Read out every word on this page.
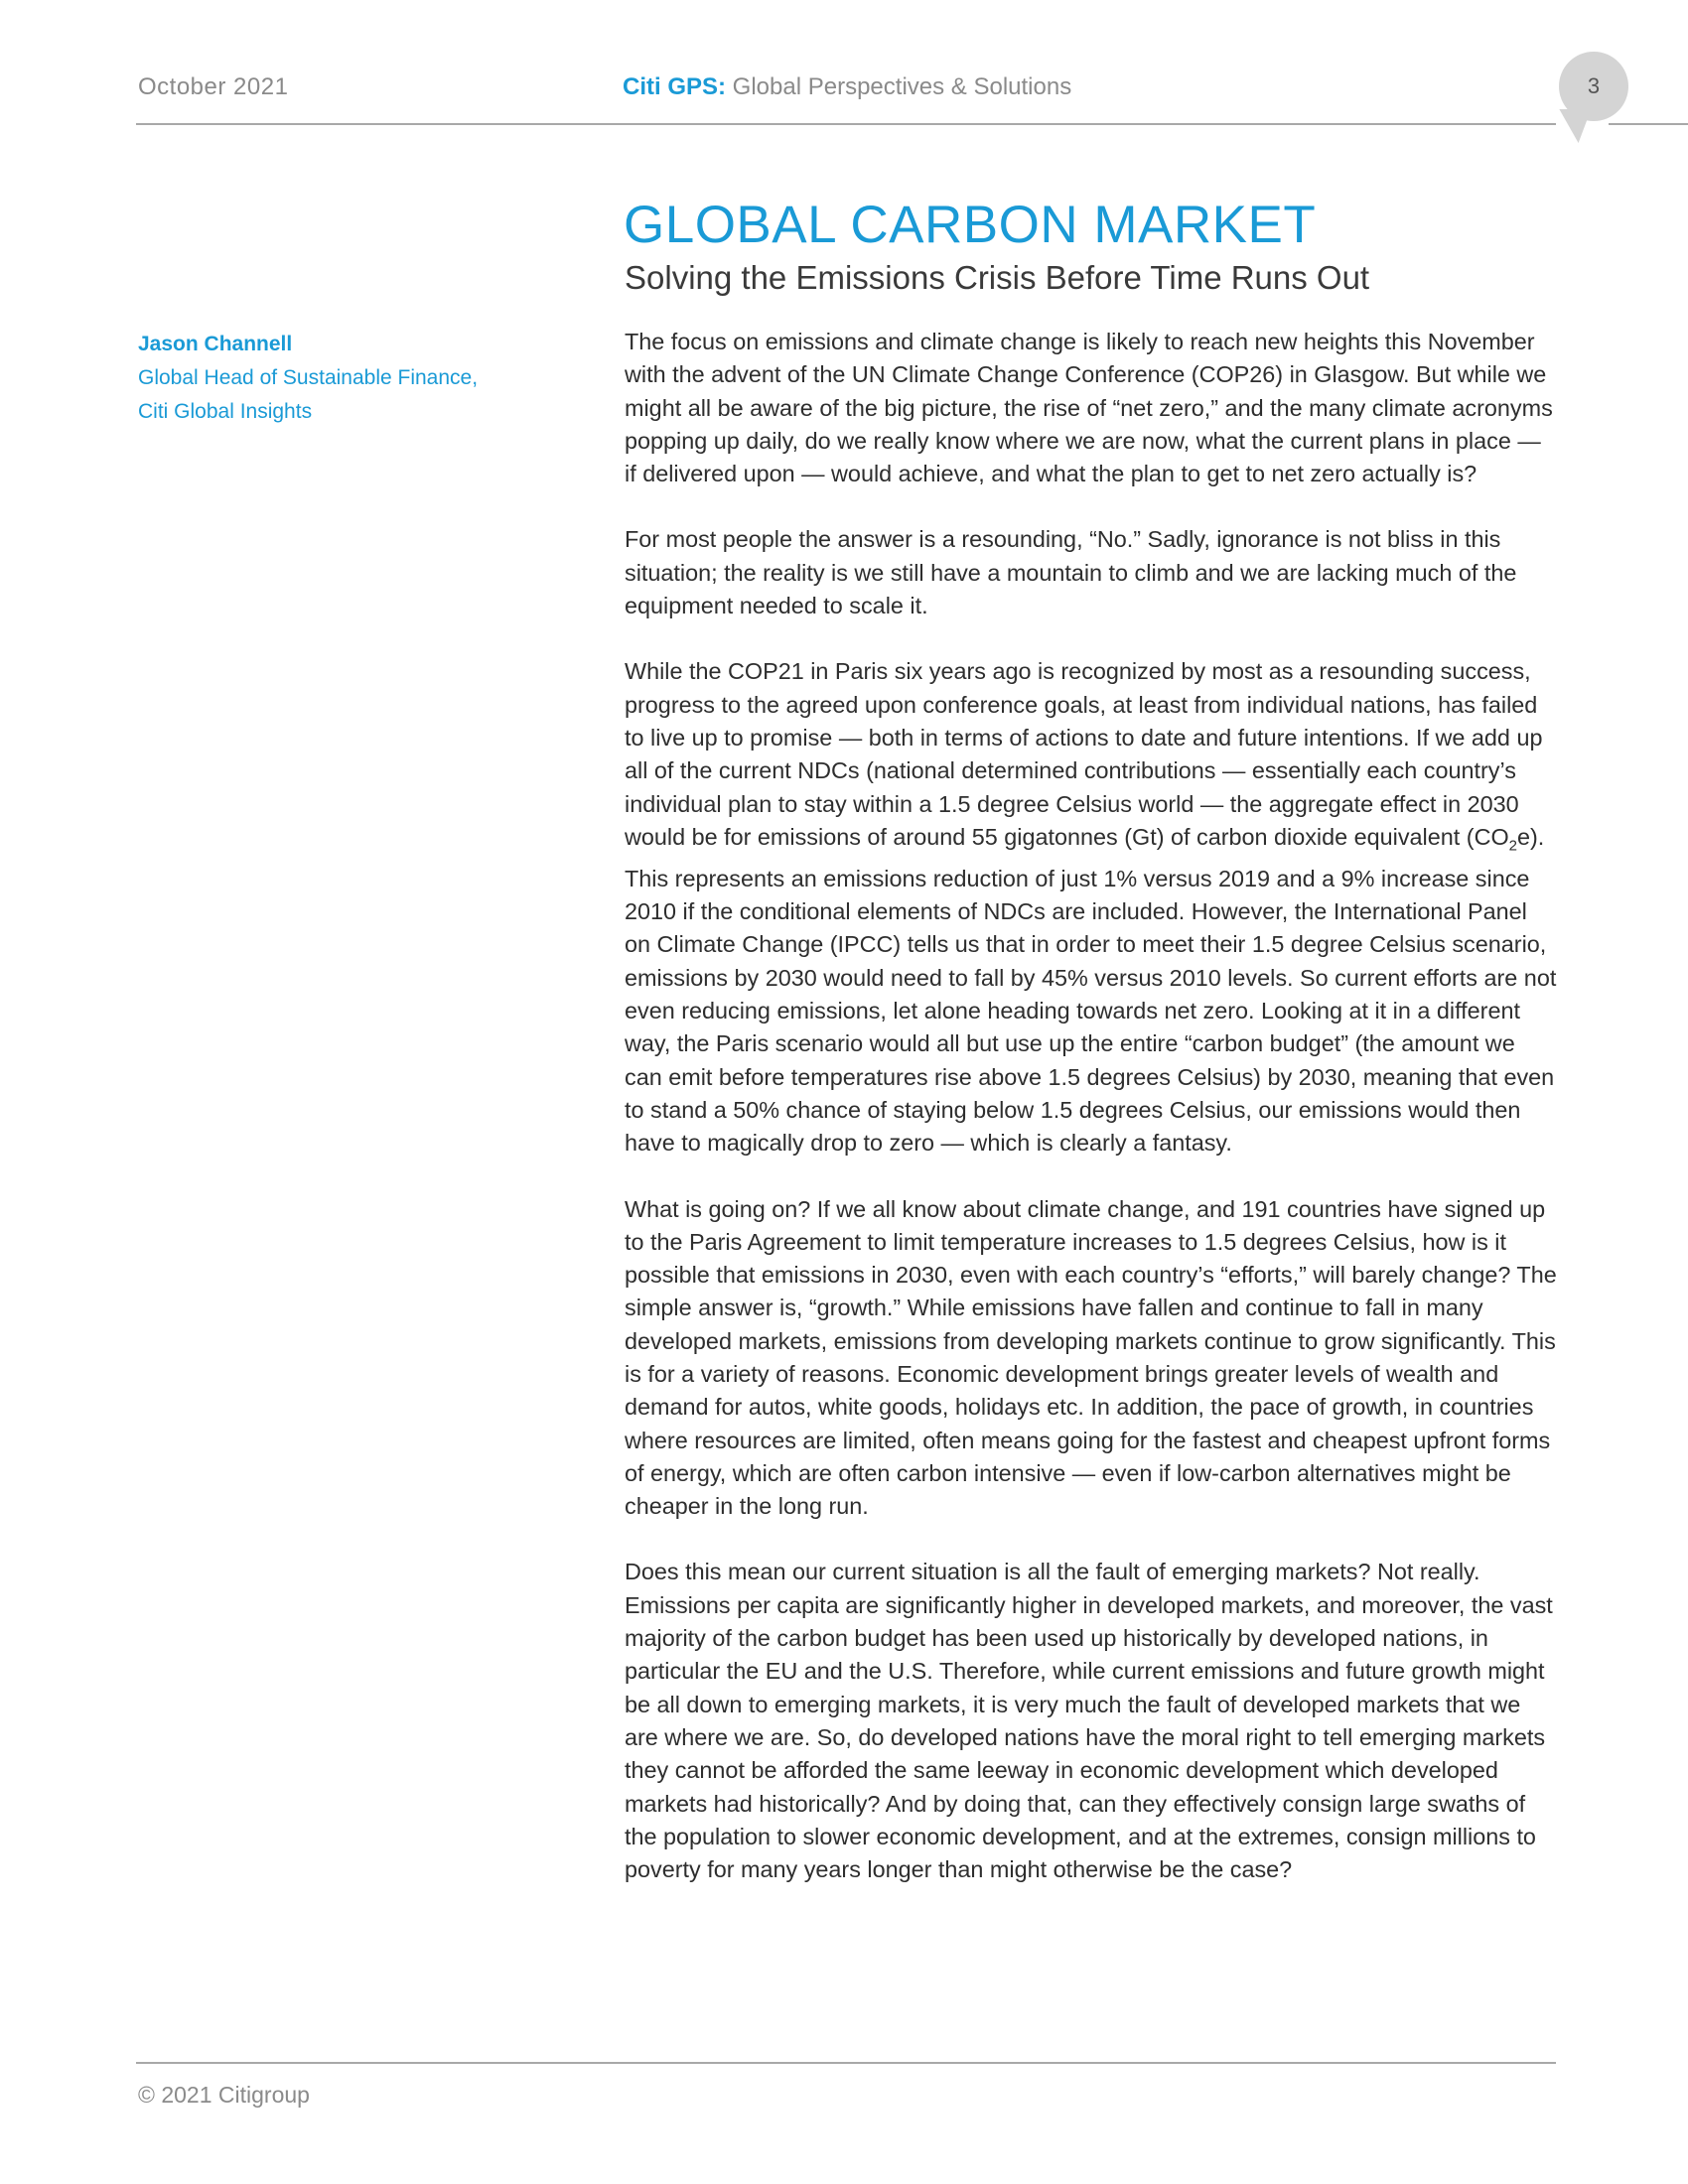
October 2021	Citi GPS: Global Perspectives & Solutions	3
GLOBAL CARBON MARKET
Solving the Emissions Crisis Before Time Runs Out
Jason Channell
Global Head of Sustainable Finance,
Citi Global Insights

The focus on emissions and climate change is likely to reach new heights this November with the advent of the UN Climate Change Conference (COP26) in Glasgow. But while we might all be aware of the big picture, the rise of “net zero,” and the many climate acronyms popping up daily, do we really know where we are now, what the current plans in place — if delivered upon — would achieve, and what the plan to get to net zero actually is?

For most people the answer is a resounding, “No.” Sadly, ignorance is not bliss in this situation; the reality is we still have a mountain to climb and we are lacking much of the equipment needed to scale it.

While the COP21 in Paris six years ago is recognized by most as a resounding success, progress to the agreed upon conference goals, at least from individual nations, has failed to live up to promise — both in terms of actions to date and future intentions. If we add up all of the current NDCs (national determined contributions — essentially each country’s individual plan to stay within a 1.5 degree Celsius world — the aggregate effect in 2030 would be for emissions of around 55 gigatonnes (Gt) of carbon dioxide equivalent $(CO_2e)$. This represents an emissions reduction of just 1% versus 2019 and a 9% increase since 2010 if the conditional elements of NDCs are included. However, the International Panel on Climate Change (IPCC) tells us that in order to meet their 1.5 degree Celsius scenario, emissions by 2030 would need to fall by 45% versus 2010 levels. So current efforts are not even reducing emissions, let alone heading towards net zero. Looking at it in a different way, the Paris scenario would all but use up the entire “carbon budget” (the amount we can emit before temperatures rise above 1.5 degrees Celsius) by 2030, meaning that even to stand a 50% chance of staying below 1.5 degrees Celsius, our emissions would then have to magically drop to zero — which is clearly a fantasy.

What is going on? If we all know about climate change, and 191 countries have signed up to the Paris Agreement to limit temperature increases to 1.5 degrees Celsius, how is it possible that emissions in 2030, even with each country’s “efforts,” will barely change? The simple answer is, “growth.” While emissions have fallen and continue to fall in many developed markets, emissions from developing markets continue to grow significantly. This is for a variety of reasons. Economic development brings greater levels of wealth and demand for autos, white goods, holidays etc. In addition, the pace of growth, in countries where resources are limited, often means going for the fastest and cheapest upfront forms of energy, which are often carbon intensive — even if low-carbon alternatives might be cheaper in the long run.

Does this mean our current situation is all the fault of emerging markets? Not really. Emissions per capita are significantly higher in developed markets, and moreover, the vast majority of the carbon budget has been used up historically by developed nations, in particular the EU and the U.S. Therefore, while current emissions and future growth might be all down to emerging markets, it is very much the fault of developed markets that we are where we are. So, do developed nations have the moral right to tell emerging markets they cannot be afforded the same leeway in economic development which developed markets had historically? And by doing that, can they effectively consign large swaths of the population to slower economic development, and at the extremes, consign millions to poverty for many years longer than might otherwise be the case?

© 2021 Citigroup
